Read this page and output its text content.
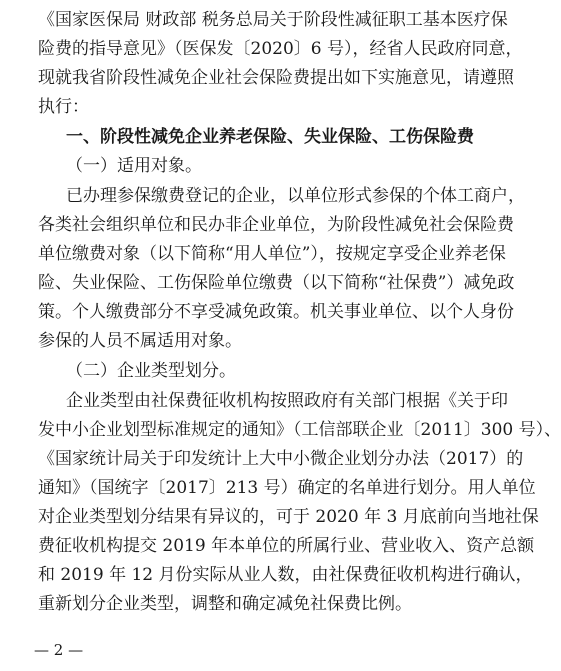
《国家医保局 财政部 税务总局关于阶段性减征职工基本医疗保
险费的指导意见》（医保发〔2020〕6 号），经省人民政府同意，
现就我省阶段性减免企业社会保险费提出如下实施意见，请遵照
执行：
一、阶段性减免企业养老保险、失业保险、工伤保险费
（一）适用对象。
已办理参保缴费登记的企业，以单位形式参保的个体工商户，
各类社会组织单位和民办非企业单位，为阶段性减免社会保险费
单位缴费对象（以下简称“用人单位”），按规定享受企业养老保
险、失业保险、工伤保险单位缴费（以下简称“社保费”）减免政
策。个人缴费部分不享受减免政策。机关事业单位、以个人身份
参保的人员不属适用对象。
（二）企业类型划分。
企业类型由社保费征收机构按照政府有关部门根据《关于印
发中小企业划型标准规定的通知》（工信部联企业〔2011〕300 号）、
《国家统计局关于印发统计上大中小微企业划分办法（2017）的
通知》（国统字〔2017〕213 号）确定的名单进行划分。用人单位
对企业类型划分结果有异议的，可于 2020 年 3 月底前向当地社保
费征收机构提交 2019 年本单位的所属行业、营业收入、资产总额
— 2 —
和 2019 年 12 月份实际从业人数，由社保费征收机构进行确认，
重新划分企业类型，调整和确定减免社保费比例。
